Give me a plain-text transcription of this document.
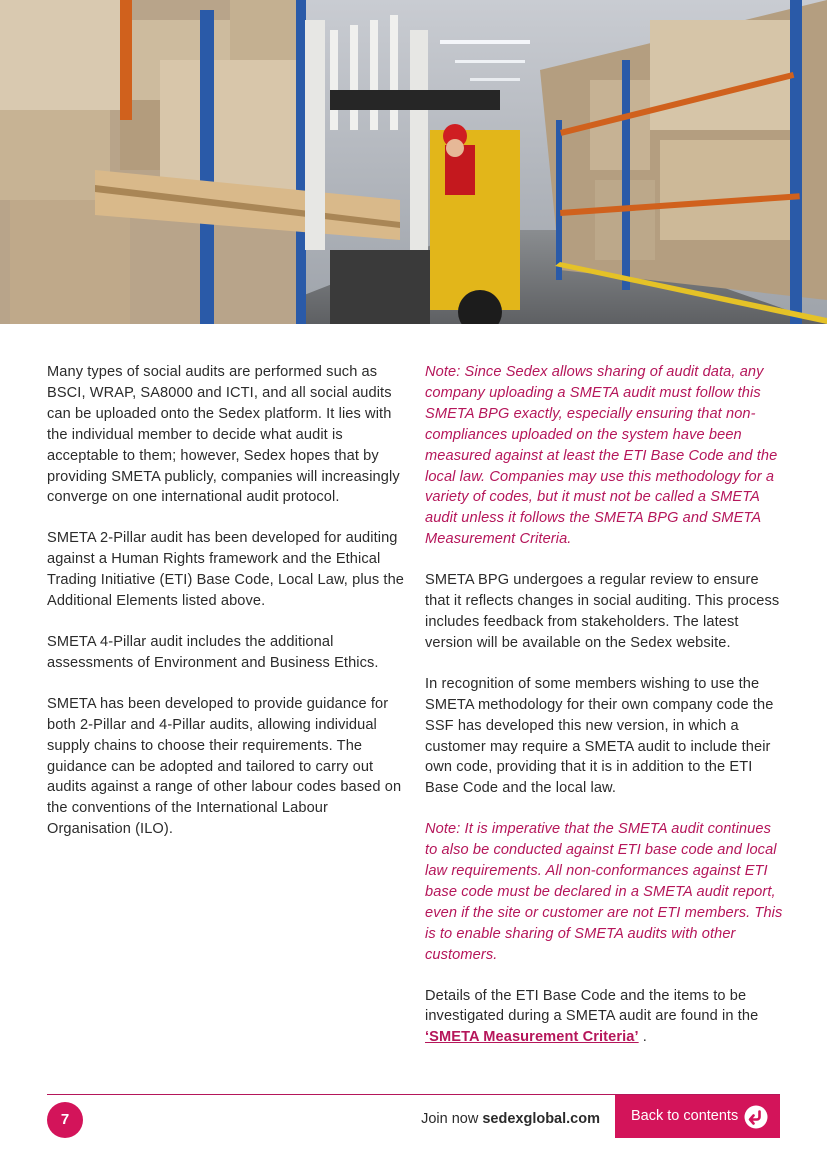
Many types of social audits are performed such as BSCI, WRAP, SA8000 and ICTI, and all social audits can be uploaded onto the Sedex platform. It lies with the individual member to decide what audit is acceptable to them; however, Sedex hopes that by providing SMETA publicly, companies will increasingly converge on one international audit protocol.

SMETA 2-Pillar audit has been developed for auditing against a Human Rights framework and the Ethical Trading Initiative (ETI) Base Code, Local Law, plus the Additional Elements listed above.

SMETA 4-Pillar audit includes the additional assessments of Environment and Business Ethics.

SMETA has been developed to provide guidance for both 2-Pillar and 4-Pillar audits, allowing individual supply chains to choose their requirements. The guidance can be adopted and tailored to carry out audits against a range of other labour codes based on the conventions of the International Labour Organisation (ILO).

Note: Since Sedex allows sharing of audit data, any company uploading a SMETA audit must follow this SMETA BPG exactly, especially ensuring that non-compliances uploaded on the system have been measured against at least the ETI Base Code and the local law. Companies may use this methodology for a variety of codes, but it must not be called a SMETA audit unless it follows the SMETA BPG and SMETA Measurement Criteria.

SMETA BPG undergoes a regular review to ensure that it reflects changes in social auditing. This process includes feedback from stakeholders. The latest version will be available on the Sedex website.

In recognition of some members wishing to use the SMETA methodology for their own company code the SSF has developed this new version, in which a customer may require a SMETA audit to include their own code, providing that it is in addition to the ETI Base Code and the local law.

Note: It is imperative that the SMETA audit continues to also be conducted against ETI base code and local law requirements. All non-conformances against ETI base code must be declared in a SMETA audit report, even if the site or customer are not ETI members. This is to enable sharing of SMETA audits with other customers.

Details of the ETI Base Code and the items to be investigated during a SMETA audit are found in the ‘SMETA Measurement Criteria’ .

7	Join now sedexglobal.com	Back to contents
